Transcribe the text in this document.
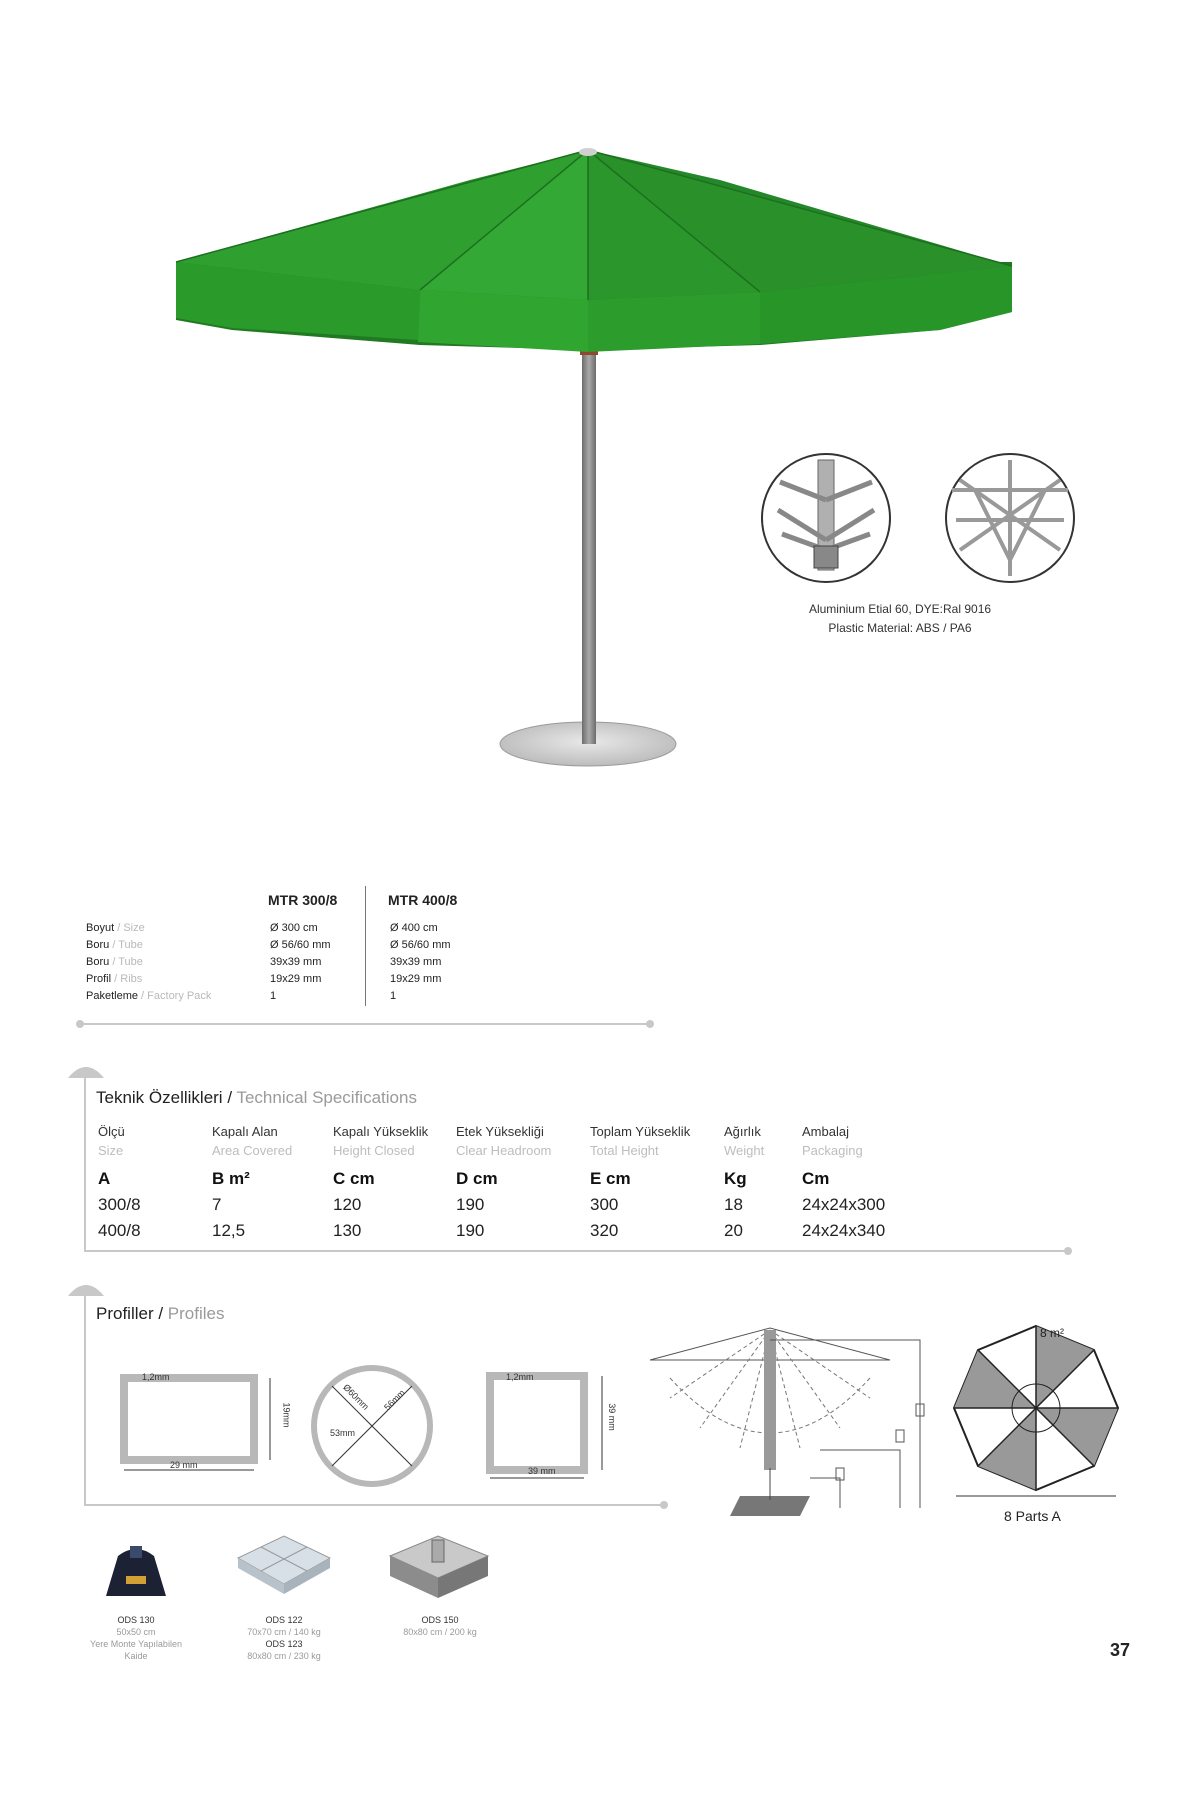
Aluminium Etial 60, DYE:Ral 9016
Plastic Material: ABS / PA6
MTR 300/8	MTR 400/8
Boyut / Size
Boru / Tube
Boru / Tube
Profil / Ribs
Paketleme / Factory Pack
Ø 300 cm
Ø 56/60 mm
39x39 mm
19x29 mm
1
Ø 400 cm
Ø 56/60 mm
39x39 mm
19x29 mm
1
Teknik Özellikleri / Technical Specifications
Ölçü
Size
A
300/8
400/8
Kapalı Alan
Area Covered
B m²
7
12,5
Kapalı Yükseklik
Height Closed
C cm
120
130
Etek Yüksekliği
Clear Headroom
D cm
190
190
Toplam Yükseklik
Total Height
E cm
300
320
Ağırlık
Weight
Kg
18
20
Ambalaj
Packaging
Cm
24x24x300
24x24x340
Profiller / Profiles
1,2mm
29 mm
19mm
Ø60mm 56mm
53mm
1,2mm
39 mm
39 mm
8 m²
8 Parts A
ODS 130
50x50 cm
Yere Monte Yapılabilen
Kaide
ODS 122
70x70 cm / 140 kg
ODS 123
80x80 cm / 230 kg
ODS 150
80x80 cm / 200 kg
37
